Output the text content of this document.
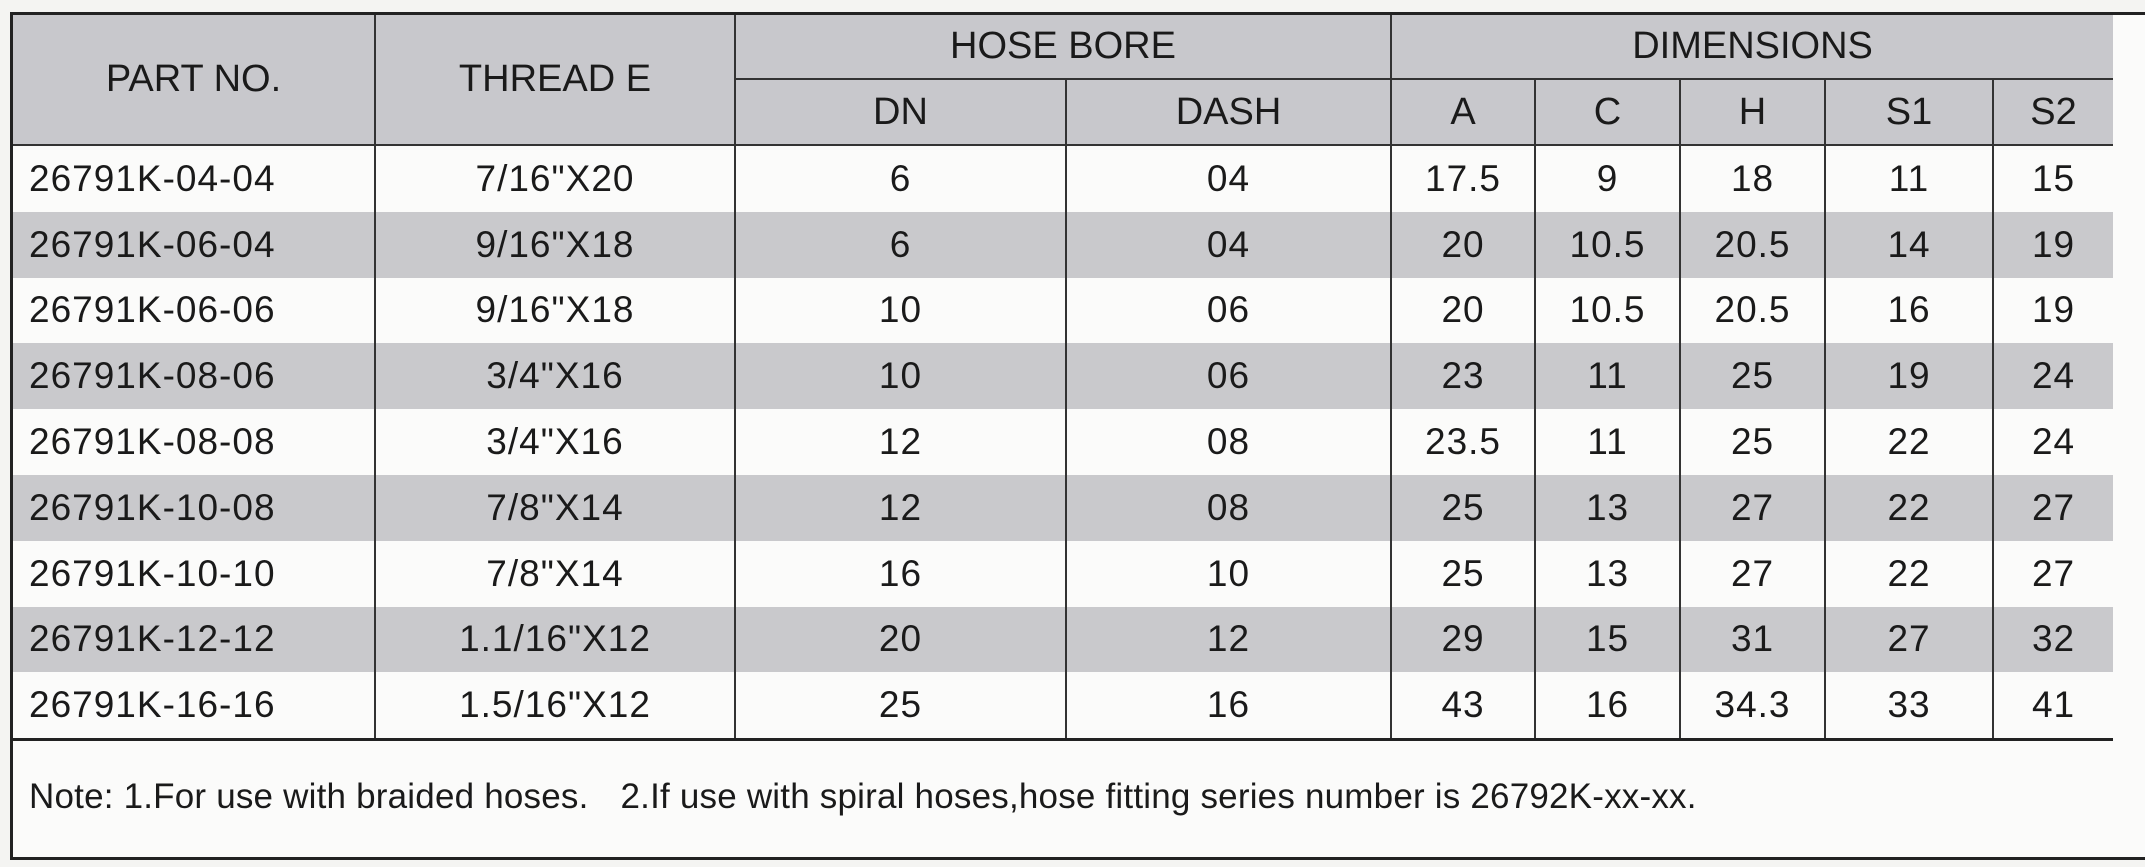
PART NO.	THREAD E	HOSE BORE		DIMENSIONS				
		DN	DASH	A	C	H	S1	S2
26791K-04-04	7/16"X20	6	04	17.5	9	18	11	15
26791K-06-04	9/16"X18	6	04	20	10.5	20.5	14	19
26791K-06-06	9/16"X18	10	06	20	10.5	20.5	16	19
26791K-08-06	3/4"X16	10	06	23	11	25	19	24
26791K-08-08	3/4"X16	12	08	23.5	11	25	22	24
26791K-10-08	7/8"X14	12	08	25	13	27	22	27
26791K-10-10	7/8"X14	16	10	25	13	27	22	27
26791K-12-12	1.1/16"X12	20	12	29	15	31	27	32
26791K-16-16	1.5/16"X12	25	16	43	16	34.3	33	41
Note: 1.For use with braided hoses. 2.If use with spiral hoses,hose fitting series number is 26792K-xx-xx.
